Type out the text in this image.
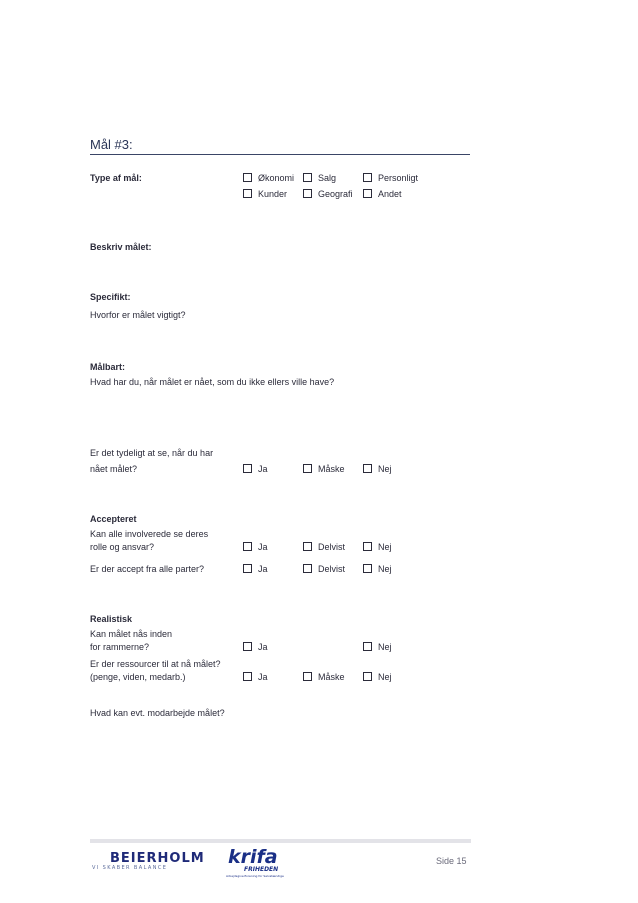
Mål #3:
Type af mål:	Økonomi	Salg	Personligt
Kunder	Geografi	Andet
Beskriv målet:
Specifikt:
Hvorfor er målet vigtigt?
Målbart:
Hvad har du, når målet er nået, som du ikke ellers ville have?
Er det tydeligt at se, når du har
nået målet?	Ja	Måske	Nej
Accepteret
Kan alle involverede se deres
rolle og ansvar?	Ja	Delvist	Nej
Er der accept fra alle parter?	Ja	Delvist	Nej
Realistisk
Kan målet nås inden
for rammerne?	Ja	Nej
Er der ressourcer til at nå målet?
(penge, viden, medarb.)	Ja	Måske	Nej
Hvad kan evt. modarbejde målet?
BEIERHOLM
VI SKABER BALANCE	krifa
FRIHEDEN
Arbejdsgiverforening for Selvstændige
Side 15
